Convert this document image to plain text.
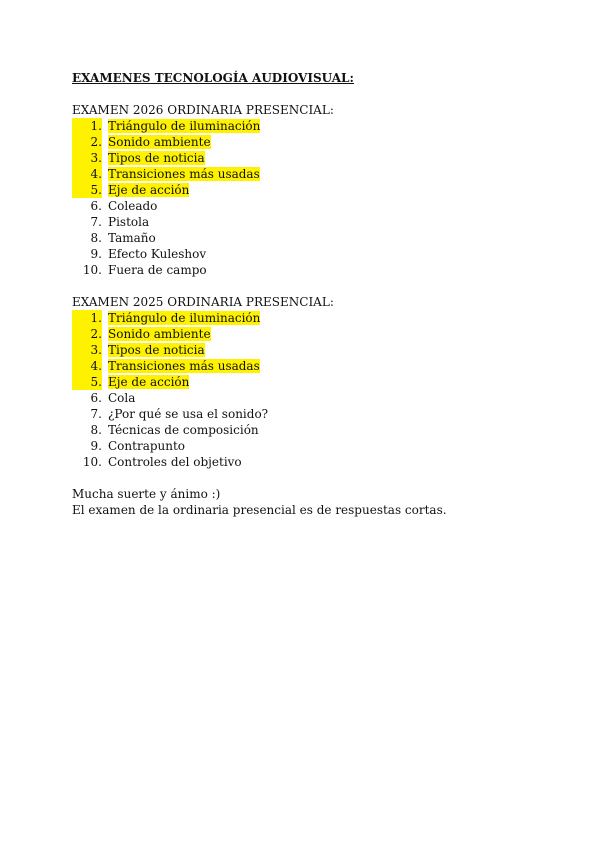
EXAMENES TECNOLOGÍA AUDIOVISUAL:

EXAMEN 2026 ORDINARIA PRESENCIAL:

1. Triángulo de iluminación
2. Sonido ambiente
3. Tipos de noticia
4. Transiciones más usadas
5. Eje de acción
6. Coleado
7. Pistola
8. Tamaño
9. Efecto Kuleshov
10. Fuera de campo

EXAMEN 2025 ORDINARIA PRESENCIAL:

1. Triángulo de iluminación
2. Sonido ambiente
3. Tipos de noticia
4. Transiciones más usadas
5. Eje de acción
6. Cola
7. ¿Por qué se usa el sonido?
8. Técnicas de composición
9. Contrapunto
10. Controles del objetivo

Mucha suerte y ánimo :)

El examen de la ordinaria presencial es de respuestas cortas.
